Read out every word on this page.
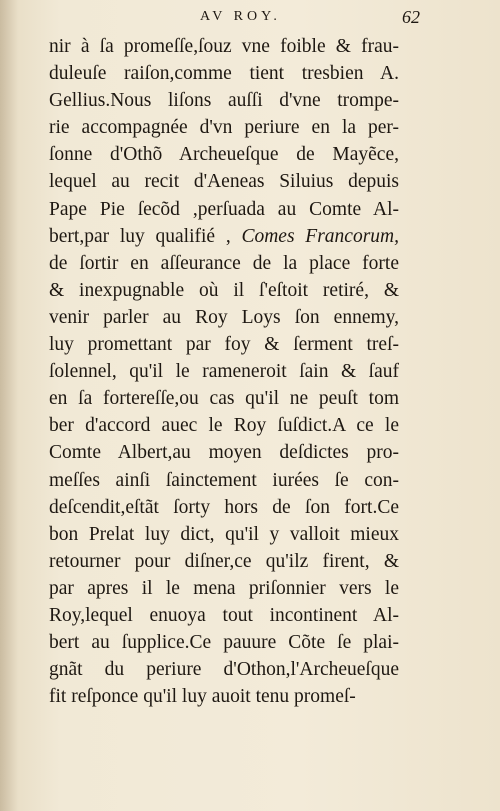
AV ROY.	62
nir à ſa promeſſe,ſouz vne foible & frau-
duleuſe raiſon,comme tient tresbien A.
Gellius.Nous liſons auſſi d'vne trompe-
rie accompagnée d'vn periure en la per-
ſonne d'Othõ Archeueſque de Mayẽce,
lequel au recit d'Aeneas Siluius depuis
Pape Pie ſecõd ,perſuada au Comte Al-
bert,par luy qualifié , Comes Francorum,
de ſortir en aſſeurance de la place forte
& inexpugnable où il ſ'eſtoit retiré, &
venir parler au Roy Loys ſon ennemy,
luy promettant par foy & ſerment treſ-
ſolennel, qu'il le rameneroit ſain & ſauf
en ſa fortereſſe,ou cas qu'il ne peuſt tom
ber d'accord auec le Roy ſuſdict.A ce le
Comte Albert,au moyen deſdictes pro-
meſſes ainſi ſainctement iurées ſe con-
deſcendit,eſtãt ſorty hors de ſon fort.Ce
bon Prelat luy dict, qu'il y valloit mieux
retourner pour diſner,ce qu'ilz firent, &
par apres il le mena priſonnier vers le
Roy,lequel enuoya tout incontinent Al-
bert au ſupplice.Ce pauure Cõte ſe plai-
gnãt du periure d'Othon,l'Archeueſque
fit reſponce qu'il luy auoit tenu promeſ-
